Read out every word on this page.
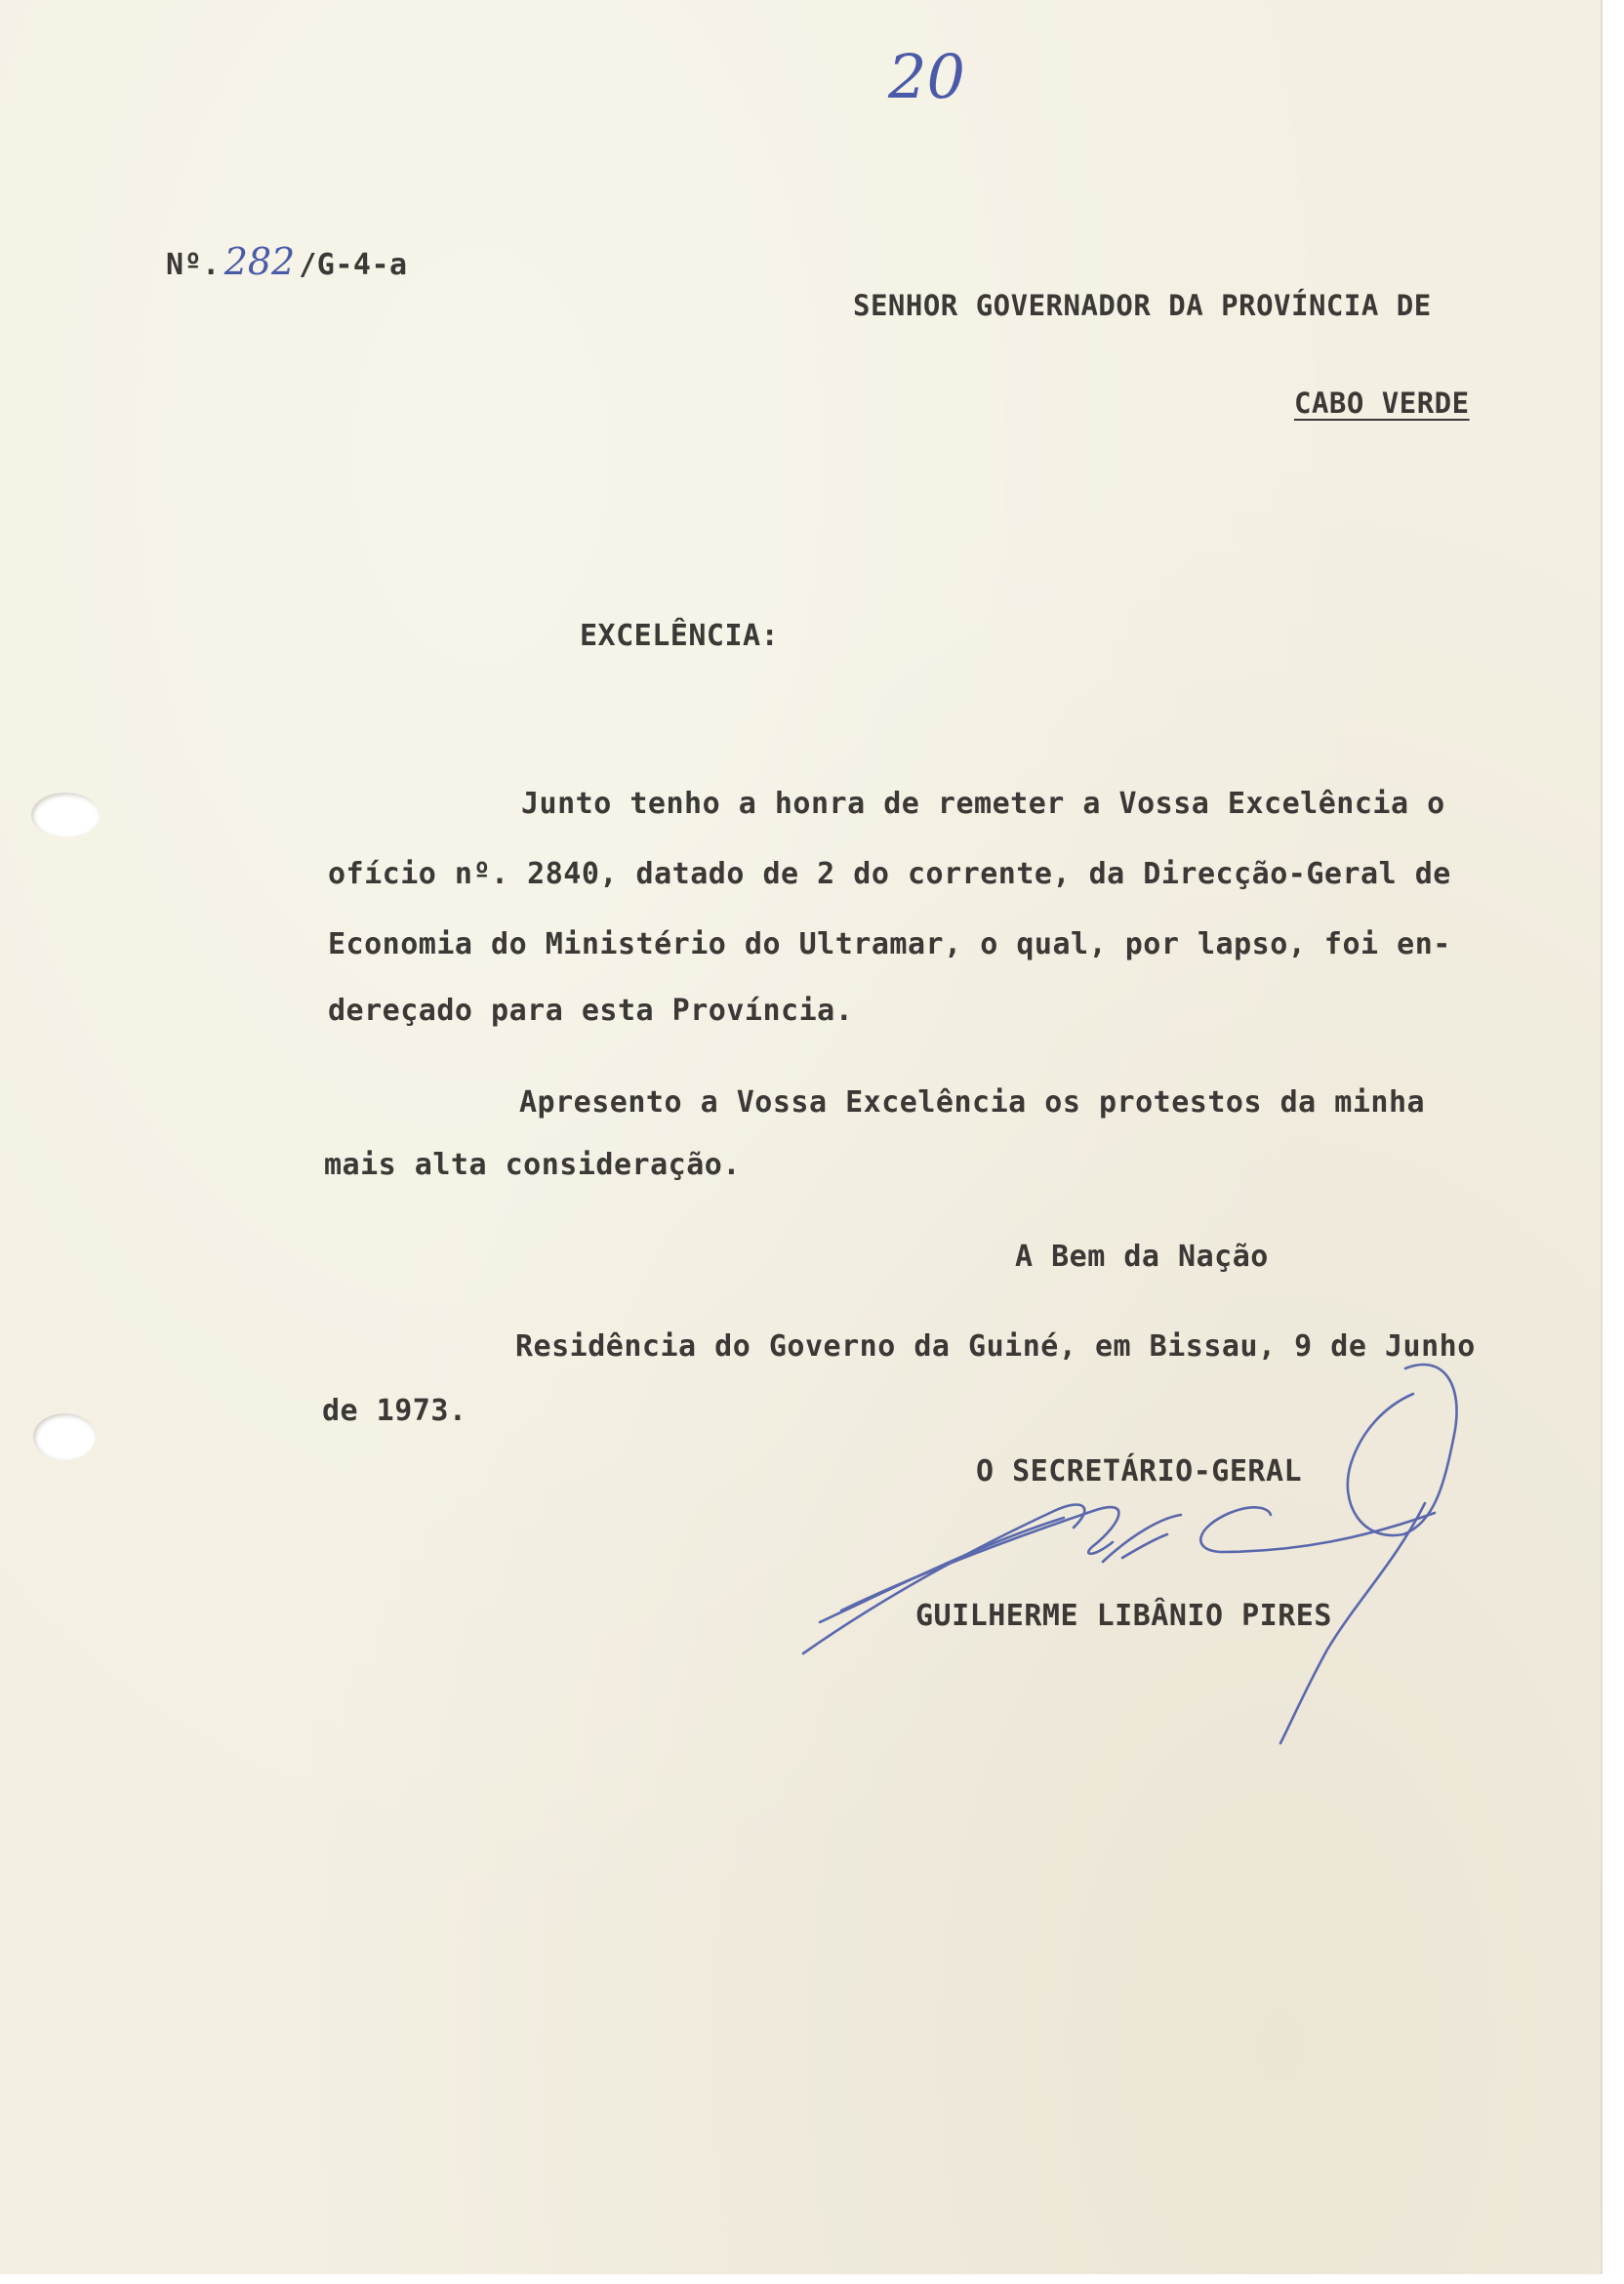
20

Nº. 282 /G-4-a

SENHOR GOVERNADOR DA PROVÍNCIA DE

CABO VERDE

EXCELÊNCIA:

Junto tenho a honra de remeter a Vossa Excelência o

ofício nº. 2840, datado de 2 do corrente, da Direcção-Geral de

Economia do Ministério do Ultramar, o qual, por lapso, foi en-

dereçado para esta Província.

Apresento a Vossa Excelência os protestos da minha

mais alta consideração.

A Bem da Nação

Residência do Governo da Guiné, em Bissau, 9 de Junho

de 1973.

O SECRETÁRIO-GERAL

GUILHERME LIBÂNIO PIRES
